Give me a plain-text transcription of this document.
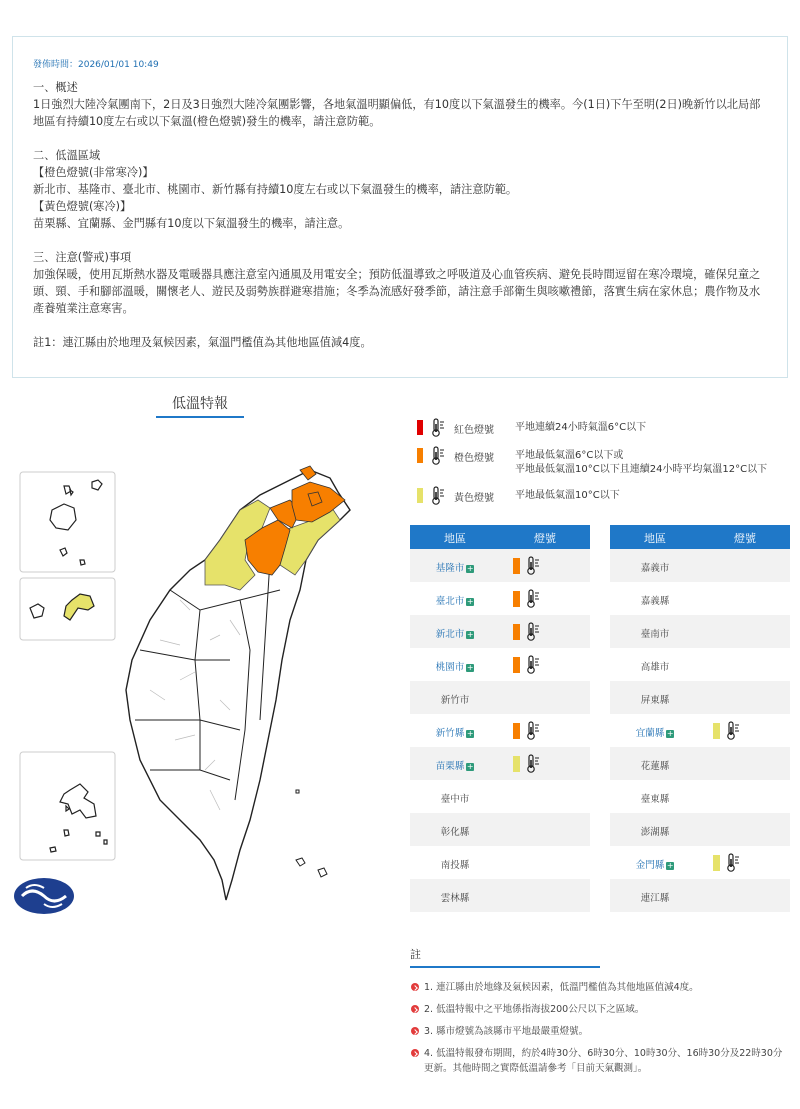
發佈時間：2026/01/01 10:49
一、概述
1日強烈大陸冷氣團南下，2日及3日強烈大陸冷氣團影響，各地氣溫明顯偏低，有10度以下氣溫發生的機率。今(1日)下午至明(2日)晚新竹以北局部地區有持續10度左右或以下氣溫(橙色燈號)發生的機率，請注意防範。
二、低溫區域
【橙色燈號(非常寒冷)】
新北市、基隆市、臺北市、桃園市、新竹縣有持續10度左右或以下氣溫發生的機率，請注意防範。
【黃色燈號(寒冷)】
苗栗縣、宜蘭縣、金門縣有10度以下氣溫發生的機率，請注意。
三、注意(警戒)事項
加強保暖，使用瓦斯熱水器及電暖器具應注意室內通風及用電安全；預防低溫導致之呼吸道及心血管疾病、避免長時間逗留在寒冷環境，確保兒童之頭、頸、手和腳部溫暖，關懷老人、遊民及弱勢族群避寒措施；冬季為流感好發季節，請注意手部衛生與咳嗽禮節，落實生病在家休息；農作物及水產養殖業注意寒害。
註1：連江縣由於地理及氣候因素，氣溫門檻值為其他地區值減4度。
低溫特報
紅色燈號 平地連續24小時氣溫6°C以下
橙色燈號 平地最低氣溫6°C以下或
平地最低氣溫10°C以下且連續24小時平均氣溫12°C以下
黃色燈號 平地最低氣溫10°C以下
地區	燈號
基隆市 +
臺北市 +
新北市 +
桃園市 +
新竹市
新竹縣 +
苗栗縣 +
臺中市
彰化縣
南投縣
雲林縣
地區	燈號
嘉義市
嘉義縣
臺南市
高雄市
屏東縣
宜蘭縣 +
花蓮縣
臺東縣
澎湖縣
金門縣 +
連江縣
註
1. 連江縣由於地緣及氣候因素，低溫門檻值為其他地區值減4度。
2. 低溫特報中之平地係指海拔200公尺以下之區域。
3. 縣市燈號為該縣市平地最嚴重燈號。
4. 低溫特報發布期間，約於4時30分、6時30分、10時30分、16時30分及22時30分更新。其他時間之實際低溫請參考「目前天氣觀測」。
